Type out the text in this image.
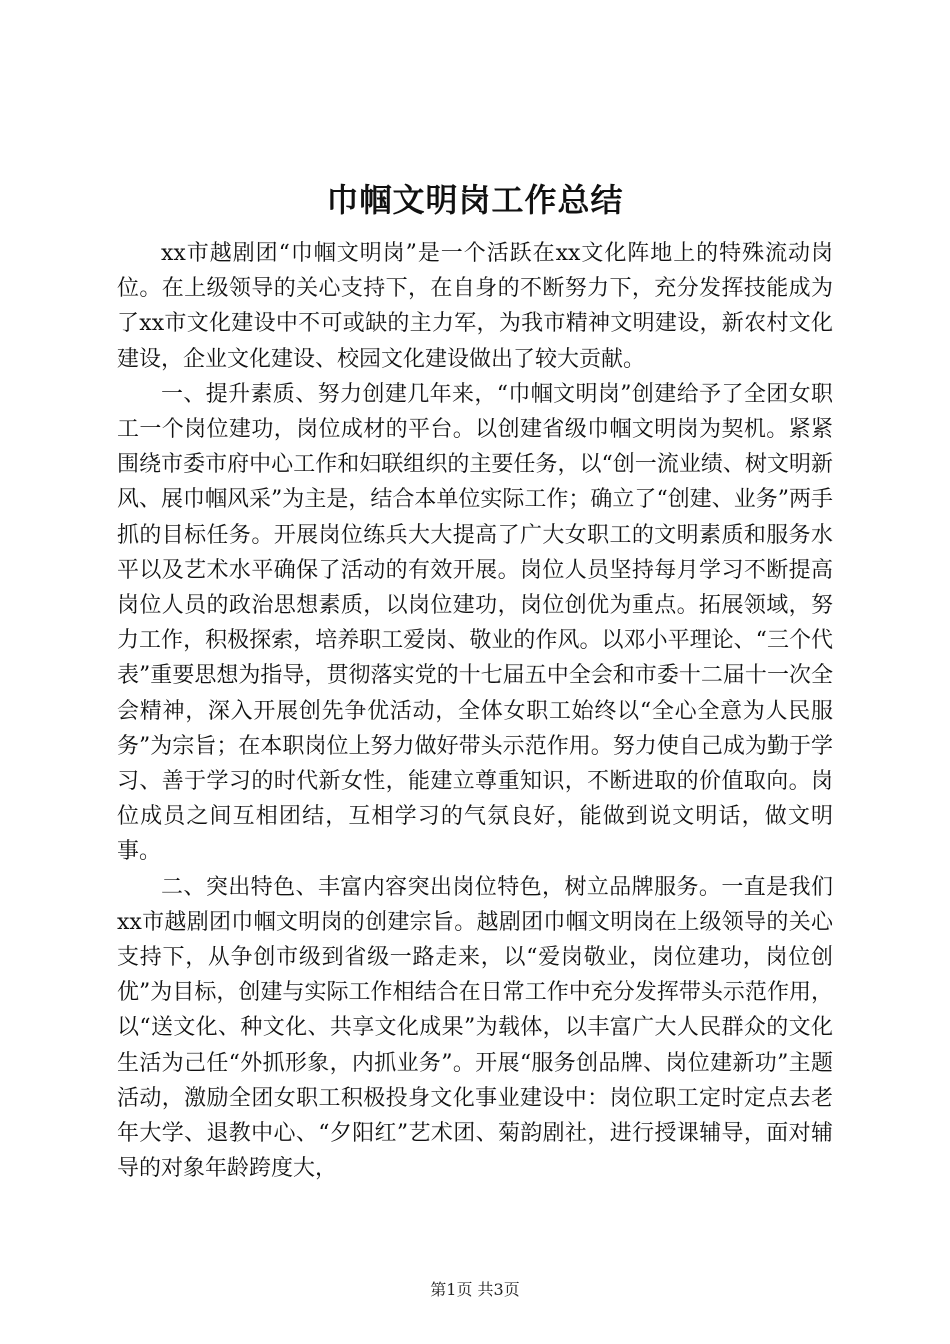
巾帼文明岗工作总结

xx市越剧团“巾帼文明岗”是一个活跃在xx文化阵地上的特殊流动岗位。在上级领导的关心支持下，在自身的不断努力下，充分发挥技能成为了xx市文化建设中不可或缺的主力军，为我市精神文明建设，新农村文化建设，企业文化建设、校园文化建设做出了较大贡献。

一、提升素质、努力创建几年来，“巾帼文明岗”创建给予了全团女职工一个岗位建功，岗位成材的平台。以创建省级巾帼文明岗为契机。紧紧围绕市委市府中心工作和妇联组织的主要任务，以“创一流业绩、树文明新风、展巾帼风采”为主是，结合本单位实际工作；确立了“创建、业务”两手抓的目标任务。开展岗位练兵大大提高了广大女职工的文明素质和服务水平以及艺术水平确保了活动的有效开展。岗位人员坚持每月学习不断提高岗位人员的政治思想素质，以岗位建功，岗位创优为重点。拓展领域，努力工作，积极探索，培养职工爱岗、敬业的作风。以邓小平理论、“三个代表”重要思想为指导，贯彻落实党的十七届五中全会和市委十二届十一次全会精神，深入开展创先争优活动，全体女职工始终以“全心全意为人民服务”为宗旨；在本职岗位上努力做好带头示范作用。努力使自己成为勤于学习、善于学习的时代新女性，能建立尊重知识，不断进取的价值取向。岗位成员之间互相团结，互相学习的气氛良好，能做到说文明话，做文明事。

二、突出特色、丰富内容突出岗位特色，树立品牌服务。一直是我们xx市越剧团巾帼文明岗的创建宗旨。越剧团巾帼文明岗在上级领导的关心支持下，从争创市级到省级一路走来，以“爱岗敬业，岗位建功，岗位创优”为目标，创建与实际工作相结合在日常工作中充分发挥带头示范作用，以“送文化、种文化、共享文化成果”为载体，以丰富广大人民群众的文化生活为己任“外抓形象，内抓业务”。开展“服务创品牌、岗位建新功”主题活动，激励全团女职工积极投身文化事业建设中：岗位职工定时定点去老年大学、退教中心、“夕阳红”艺术团、菊韵剧社，进行授课辅导，面对辅导的对象年龄跨度大，

第1页 共3页
